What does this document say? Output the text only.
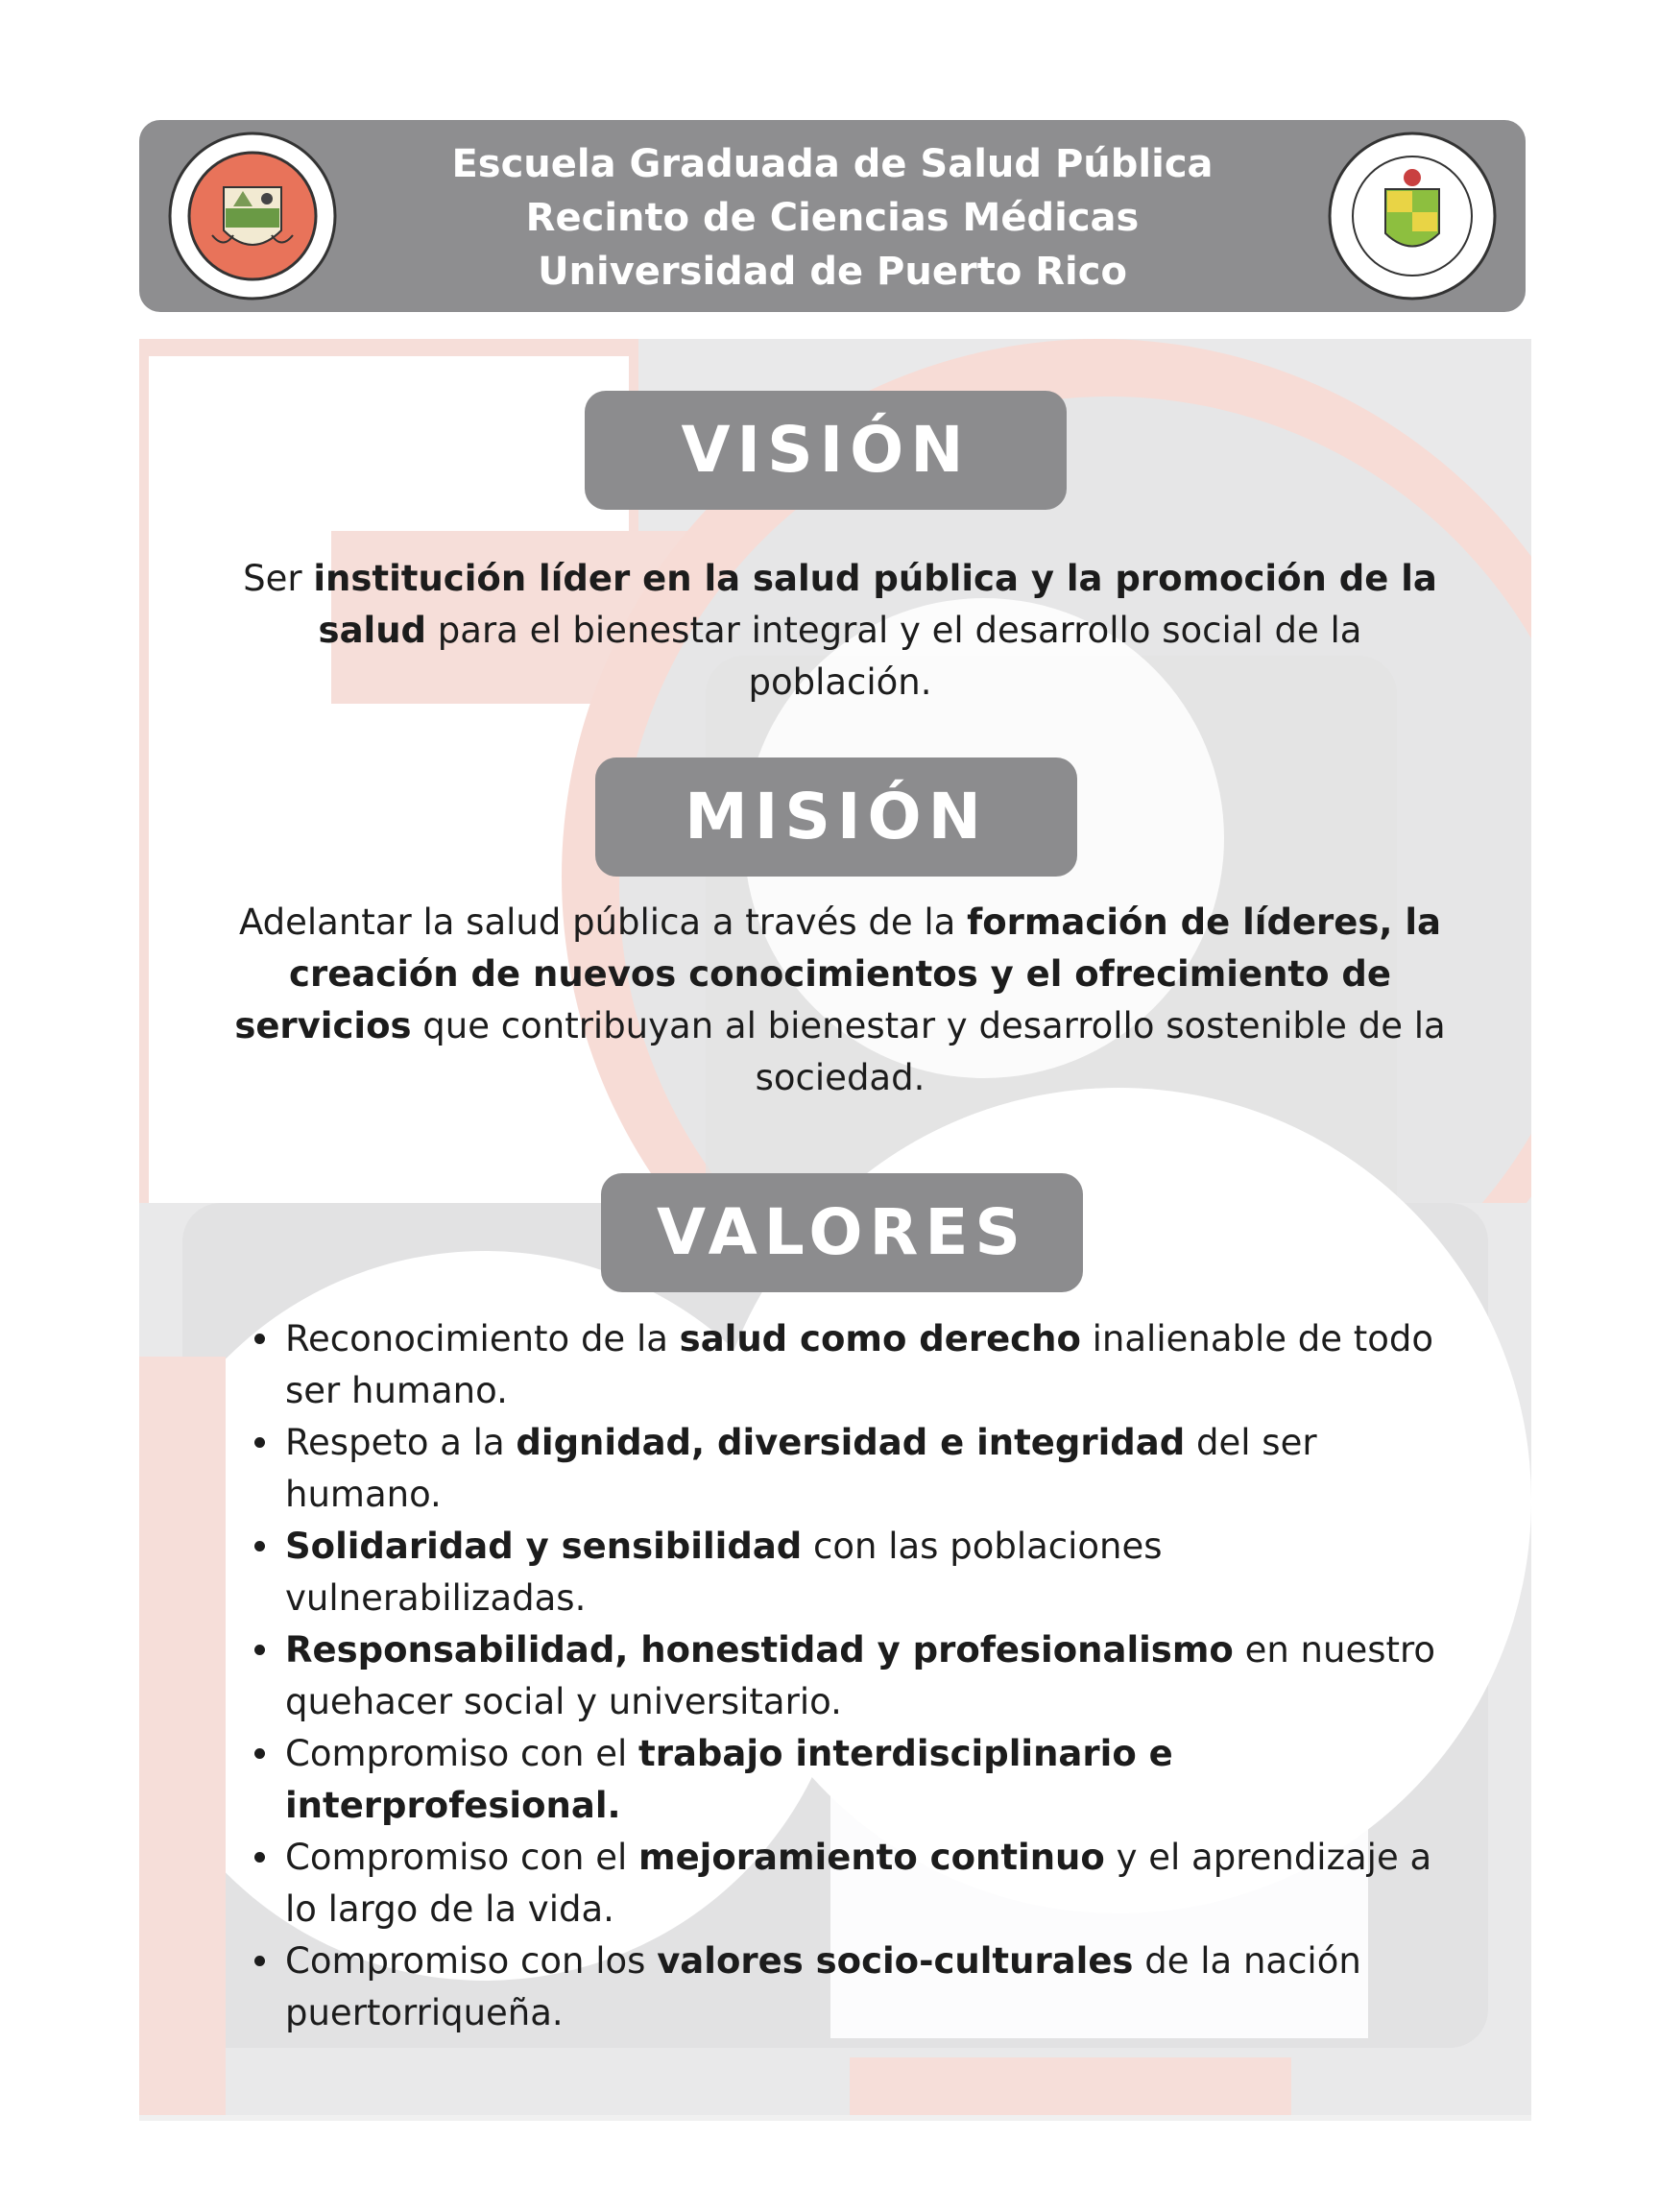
Escuela Graduada de Salud Pública
Recinto de Ciencias Médicas
Universidad de Puerto Rico
VISIÓN
Ser institución líder en la salud pública y la promoción de la salud para el bienestar integral y el desarrollo social de la población.
MISIÓN
Adelantar la salud pública a través de la formación de líderes, la creación de nuevos conocimientos y el ofrecimiento de servicios que contribuyan al bienestar y desarrollo sostenible de la sociedad.
VALORES
Reconocimiento de la salud como derecho inalienable de todo ser humano.
Respeto a la dignidad, diversidad e integridad del ser humano.
Solidaridad y sensibilidad con las poblaciones vulnerabilizadas.
Responsabilidad, honestidad y profesionalismo en nuestro quehacer social y universitario.
Compromiso con el trabajo interdisciplinario e interprofesional.
Compromiso con el mejoramiento continuo y el aprendizaje a lo largo de la vida.
Compromiso con los valores socio-culturales de la nación puertorriqueña.
